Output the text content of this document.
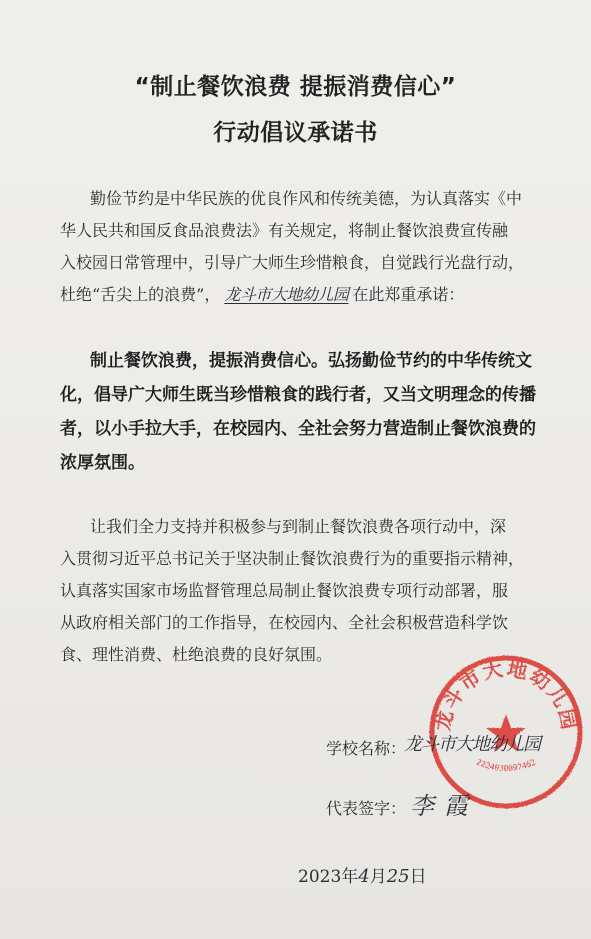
“制止餐饮浪费 提振消费信心”
行动倡议承诺书
勤俭节约是中华民族的优良作风和传统美德，为认真落实《中
华人民共和国反食品浪费法》有关规定，将制止餐饮浪费宣传融
入校园日常管理中，引导广大师生珍惜粮食，自觉践行光盘行动，
杜绝“舌尖上的浪费”， 龙斗市大地幼儿园 在此郑重承诺：
制止餐饮浪费，提振消费信心。弘扬勤俭节约的中华传统文
化，倡导广大师生既当珍惜粮食的践行者，又当文明理念的传播
者，以小手拉大手，在校园内、全社会努力营造制止餐饮浪费的
浓厚氛围。
让我们全力支持并积极参与到制止餐饮浪费各项行动中，深
入贯彻习近平总书记关于坚决制止餐饮浪费行为的重要指示精神，
认真落实国家市场监督管理总局制止餐饮浪费专项行动部署，服
从政府相关部门的工作指导，在校园内、全社会积极营造科学饮
食、理性消费、杜绝浪费的良好氛围。
龙斗市大地幼儿园
2224030097462
学校名称：
龙斗市大地幼儿园
代表签字： 李霞
2023年4月25日
